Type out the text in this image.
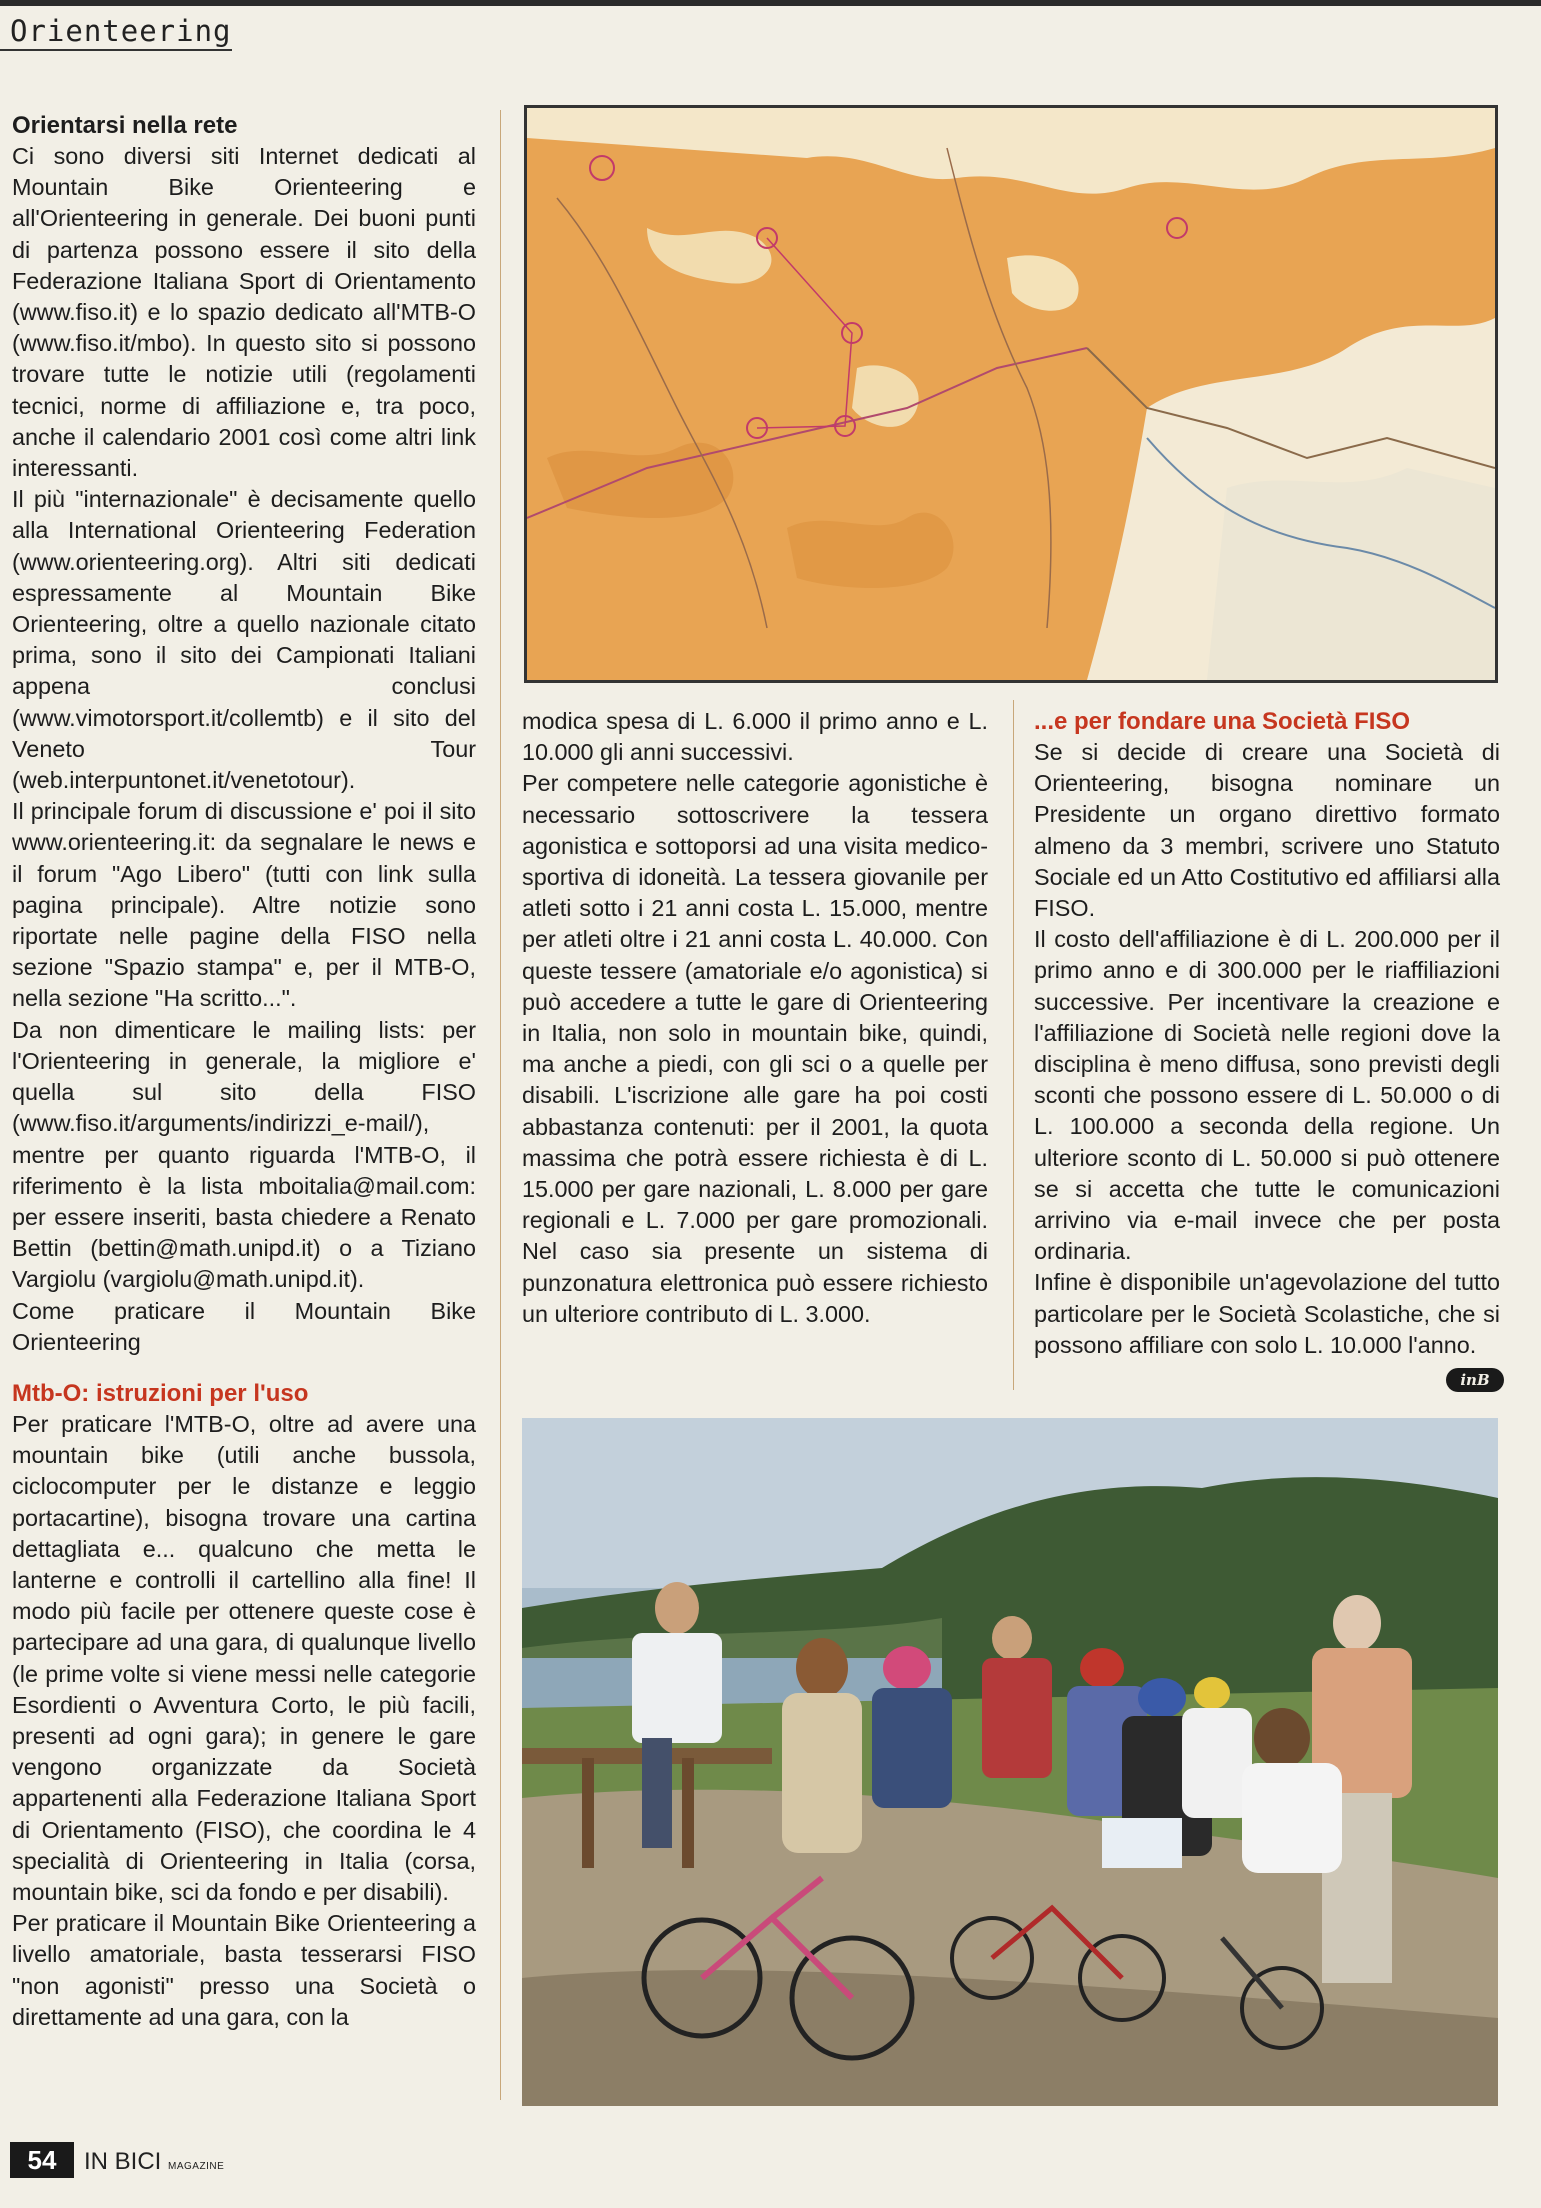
Orienteering
Orientarsi nella rete

Ci sono diversi siti Internet dedicati al Mountain Bike Orienteering e all'Orienteering in generale. Dei buoni punti di partenza possono essere il sito della Federazione Italiana Sport di Orientamento (www.fiso.it) e lo spazio dedicato all'MTB-O (www.fiso.it/mbo). In questo sito si possono trovare tutte le notizie utili (regolamenti tecnici, norme di affiliazione e, tra poco, anche il calendario 2001 così come altri link interessanti.

Il più "internazionale" è decisamente quello alla International Orienteering Federation (www.orienteering.org). Altri siti dedicati espressamente al Mountain Bike Orienteering, oltre a quello nazionale citato prima, sono il sito dei Campionati Italiani appena conclusi (www.vimotorsport.it/collemtb) e il sito del Veneto Tour (web.interpuntonet.it/venetotour).

Il principale forum di discussione e' poi il sito www.orienteering.it: da segnalare le news e il forum "Ago Libero" (tutti con link sulla pagina principale). Altre notizie sono riportate nelle pagine della FISO nella sezione "Spazio stampa" e, per il MTB-O, nella sezione "Ha scritto...".

Da non dimenticare le mailing lists: per l'Orienteering in generale, la migliore e' quella sul sito della FISO (www.fiso.it/arguments/indirizzi_e-mail/), mentre per quanto riguarda l'MTB-O, il riferimento è la lista mboitalia@mail.com: per essere inseriti, basta chiedere a Renato Bettin (bettin@math.unipd.it) o a Tiziano Vargiolu (vargiolu@math.unipd.it).

Come praticare il Mountain Bike Orienteering

Mtb-O: istruzioni per l'uso

Per praticare l'MTB-O, oltre ad avere una mountain bike (utili anche bussola, ciclocomputer per le distanze e leggio portacartine), bisogna trovare una cartina dettagliata e... qualcuno che metta le lanterne e controlli il cartellino alla fine! Il modo più facile per ottenere queste cose è partecipare ad una gara, di qualunque livello (le prime volte si viene messi nelle categorie Esordienti o Avventura Corto, le più facili, presenti ad ogni gara); in genere le gare vengono organizzate da Società appartenenti alla Federazione Italiana Sport di Orientamento (FISO), che coordina le 4 specialità di Orienteering in Italia (corsa, mountain bike, sci da fondo e per disabili).

Per praticare il Mountain Bike Orienteering a livello amatoriale, basta tesserarsi FISO "non agonisti" presso una Società o direttamente ad una gara, con la

modica spesa di L. 6.000 il primo anno e L. 10.000 gli anni successivi.

Per competere nelle categorie agonistiche è necessario sottoscrivere la tessera agonistica e sottoporsi ad una visita medico-sportiva di idoneità. La tessera giovanile per atleti sotto i 21 anni costa L. 15.000, mentre per atleti oltre i 21 anni costa L. 40.000. Con queste tessere (amatoriale e/o agonistica) si può accedere a tutte le gare di Orienteering in Italia, non solo in mountain bike, quindi, ma anche a piedi, con gli sci o a quelle per disabili. L'iscrizione alle gare ha poi costi abbastanza contenuti: per il 2001, la quota massima che potrà essere richiesta è di L. 15.000 per gare nazionali, L. 8.000 per gare regionali e L. 7.000 per gare promozionali. Nel caso sia presente un sistema di punzonatura elettronica può essere richiesto un ulteriore contributo di L. 3.000.

...e per fondare una Società FISO

Se si decide di creare una Società di Orienteering, bisogna nominare un Presidente un organo direttivo formato almeno da 3 membri, scrivere uno Statuto Sociale ed un Atto Costitutivo ed affiliarsi alla FISO.

Il costo dell'affiliazione è di L. 200.000 per il primo anno e di 300.000 per le riaffiliazioni successive. Per incentivare la creazione e l'affiliazione di Società nelle regioni dove la disciplina è meno diffusa, sono previsti degli sconti che possono essere di L. 50.000 o di L. 100.000 a seconda della regione. Un ulteriore sconto di L. 50.000 si può ottenere se si accetta che tutte le comunicazioni arrivino via e-mail invece che per posta ordinaria.

Infine è disponibile un'agevolazione del tutto particolare per le Società Scolastiche, che si possono affiliare con solo L. 10.000 l'anno.

inB
54	IN BICI MAGAZINE
